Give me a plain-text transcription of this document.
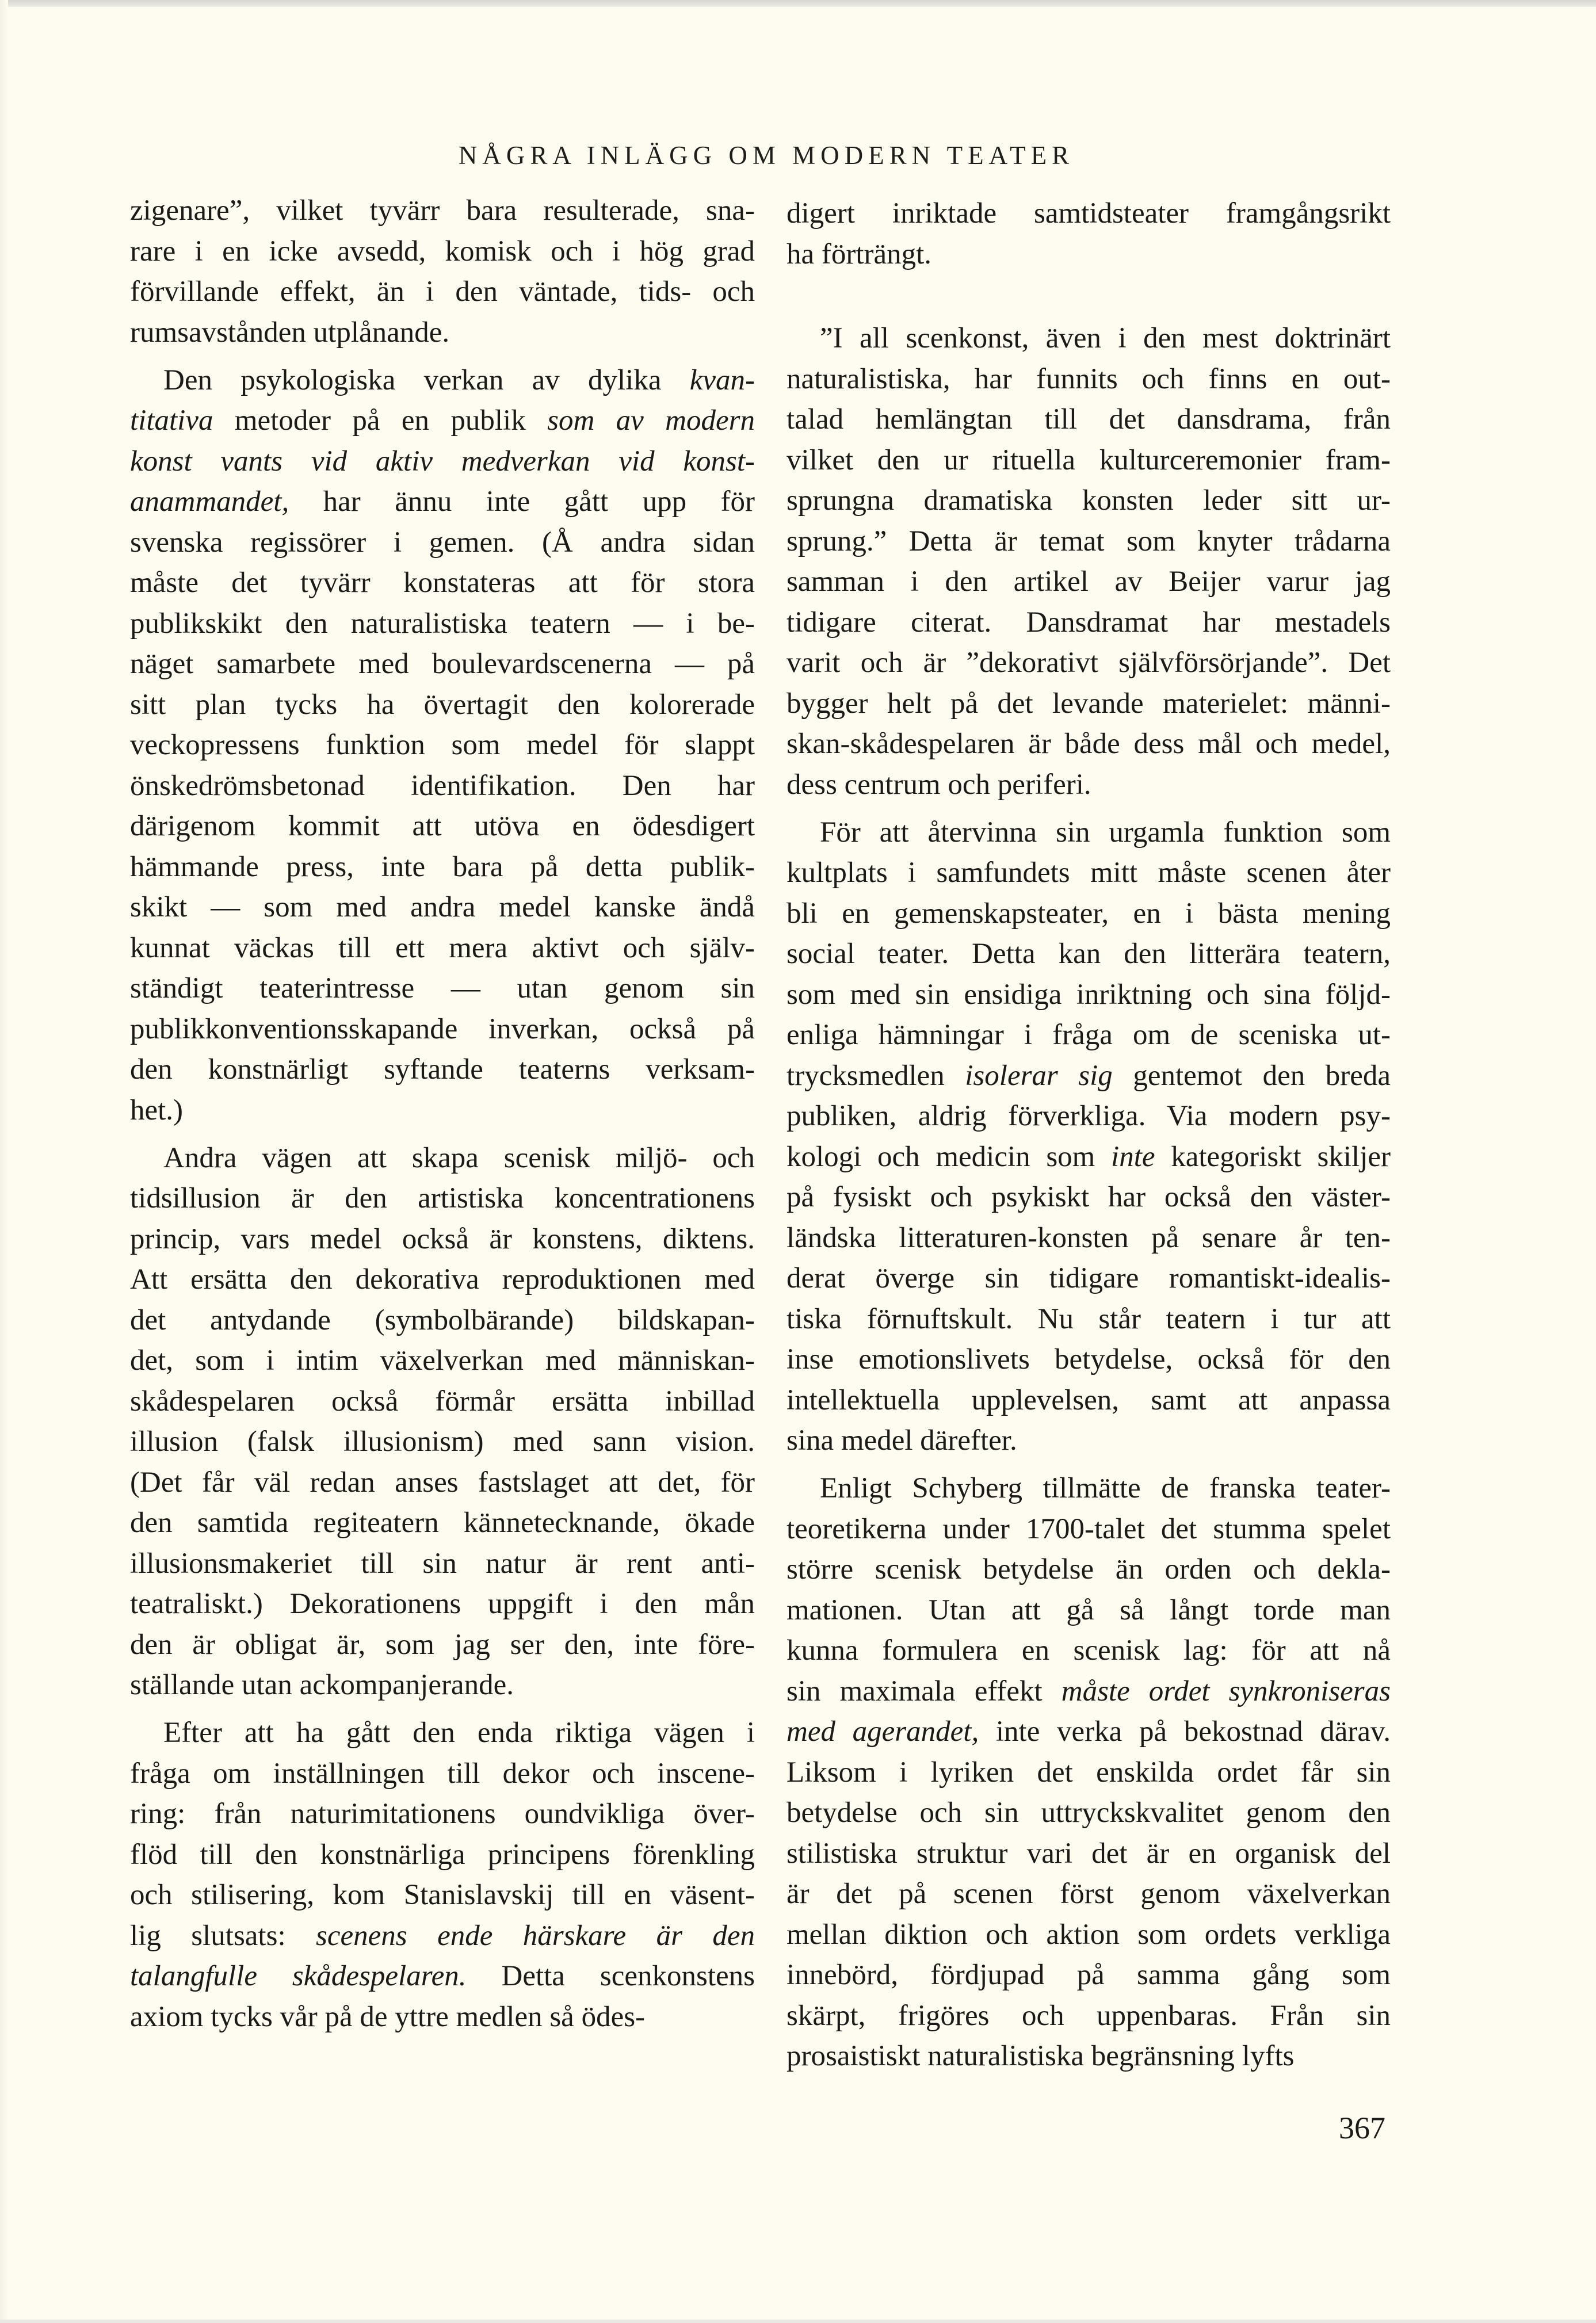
NÅGRA INLÄGG OM MODERN TEATER
zigenare”, vilket tyvärr bara resulterade, sna-
rare i en icke avsedd, komisk och i hög grad
förvillande effekt, än i den väntade, tids- och
rumsavstånden utplånande.
Den psykologiska verkan av dylika kvan-
titativa metoder på en publik som av modern
konst vants vid aktiv medverkan vid konst-
anammandet, har ännu inte gått upp för
svenska regissörer i gemen. (Å andra sidan
måste det tyvärr konstateras att för stora
publikskikt den naturalistiska teatern — i be-
näget samarbete med boulevardscenerna — på
sitt plan tycks ha övertagit den kolorerade
veckopressens funktion som medel för slappt
önskedrömsbetonad identifikation. Den har
därigenom kommit att utöva en ödesdigert
hämmande press, inte bara på detta publik-
skikt — som med andra medel kanske ändå
kunnat väckas till ett mera aktivt och själv-
ständigt teaterintresse — utan genom sin
publikkonventionsskapande inverkan, också på
den konstnärligt syftande teaterns verksam-
het.)
Andra vägen att skapa scenisk miljö- och
tidsillusion är den artistiska koncentrationens
princip, vars medel också är konstens, diktens.
Att ersätta den dekorativa reproduktionen med
det antydande (symbolbärande) bildskapan-
det, som i intim växelverkan med människan-
skådespelaren också förmår ersätta inbillad
illusion (falsk illusionism) med sann vision.
(Det får väl redan anses fastslaget att det, för
den samtida regiteatern kännetecknande, ökade
illusionsmakeriet till sin natur är rent anti-
teatraliskt.) Dekorationens uppgift i den mån
den är obligat är, som jag ser den, inte före-
ställande utan ackompanjerande.
Efter att ha gått den enda riktiga vägen i
fråga om inställningen till dekor och inscene-
ring: från naturimitationens oundvikliga över-
flöd till den konstnärliga principens förenkling
och stilisering, kom Stanislavskij till en väsent-
lig slutsats: scenens ende härskare är den
talangfulle skådespelaren. Detta scenkonstens
axiom tycks vår på de yttre medlen så ödes-
digert inriktade samtidsteater framgångsrikt
ha förträngt.
”I all scenkonst, även i den mest doktrinärt
naturalistiska, har funnits och finns en out-
talad hemlängtan till det dansdrama, från
vilket den ur rituella kulturceremonier fram-
sprungna dramatiska konsten leder sitt ur-
sprung.” Detta är temat som knyter trådarna
samman i den artikel av Beijer varur jag
tidigare citerat. Dansdramat har mestadels
varit och är ”dekorativt självförsörjande”. Det
bygger helt på det levande materielet: männi-
skan-skådespelaren är både dess mål och medel,
dess centrum och periferi.
För att återvinna sin urgamla funktion som
kultplats i samfundets mitt måste scenen åter
bli en gemenskapsteater, en i bästa mening
social teater. Detta kan den litterära teatern,
som med sin ensidiga inriktning och sina följd-
enliga hämningar i fråga om de sceniska ut-
trycksmedlen isolerar sig gentemot den breda
publiken, aldrig förverkliga. Via modern psy-
kologi och medicin som inte kategoriskt skiljer
på fysiskt och psykiskt har också den väster-
ländska litteraturen-konsten på senare år ten-
derat överge sin tidigare romantiskt-idealis-
tiska förnuftskult. Nu står teatern i tur att
inse emotionslivets betydelse, också för den
intellektuella upplevelsen, samt att anpassa
sina medel därefter.
Enligt Schyberg tillmätte de franska teater-
teoretikerna under 1700-talet det stumma spelet
större scenisk betydelse än orden och dekla-
mationen. Utan att gå så långt torde man
kunna formulera en scenisk lag: för att nå
sin maximala effekt måste ordet synkroniseras
med agerandet, inte verka på bekostnad därav.
Liksom i lyriken det enskilda ordet får sin
betydelse och sin uttryckskvalitet genom den
stilistiska struktur vari det är en organisk del
är det på scenen först genom växelverkan
mellan diktion och aktion som ordets verkliga
innebörd, fördjupad på samma gång som
skärpt, frigöres och uppenbaras. Från sin
prosaistiskt naturalistiska begränsning lyfts
367
